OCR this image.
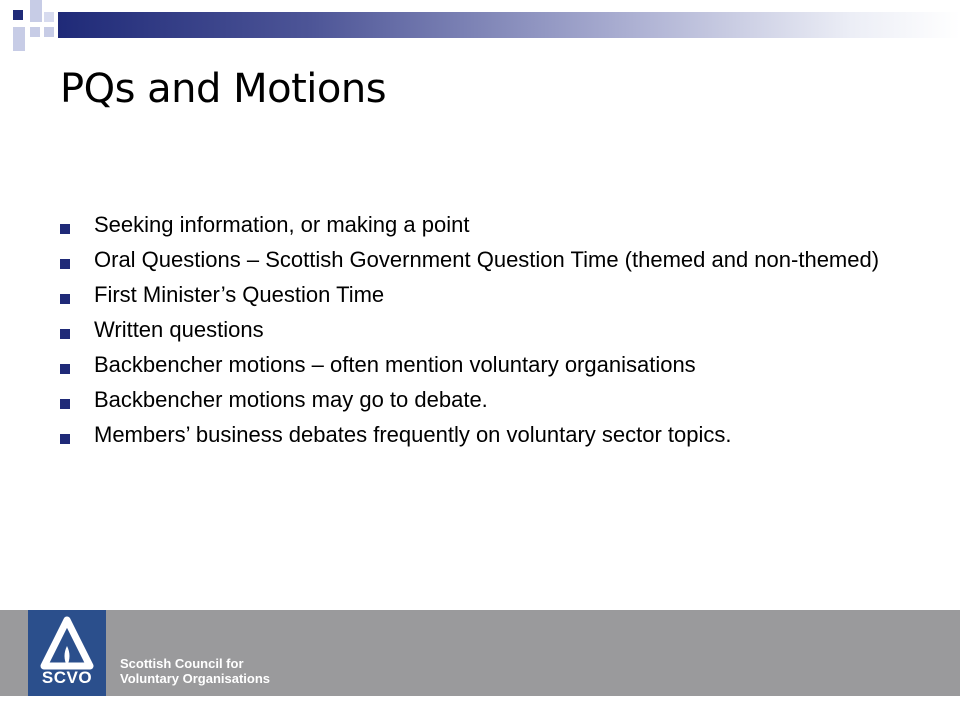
PQs and Motions
Seeking information, or making a point
Oral Questions – Scottish Government Question Time (themed and non-themed)
First Minister’s Question Time
Written questions
Backbencher motions – often mention voluntary organisations
Backbencher motions may go to debate.
Members’ business debates frequently on voluntary sector topics.
SCVO
Scottish Council for
Voluntary Organisations
